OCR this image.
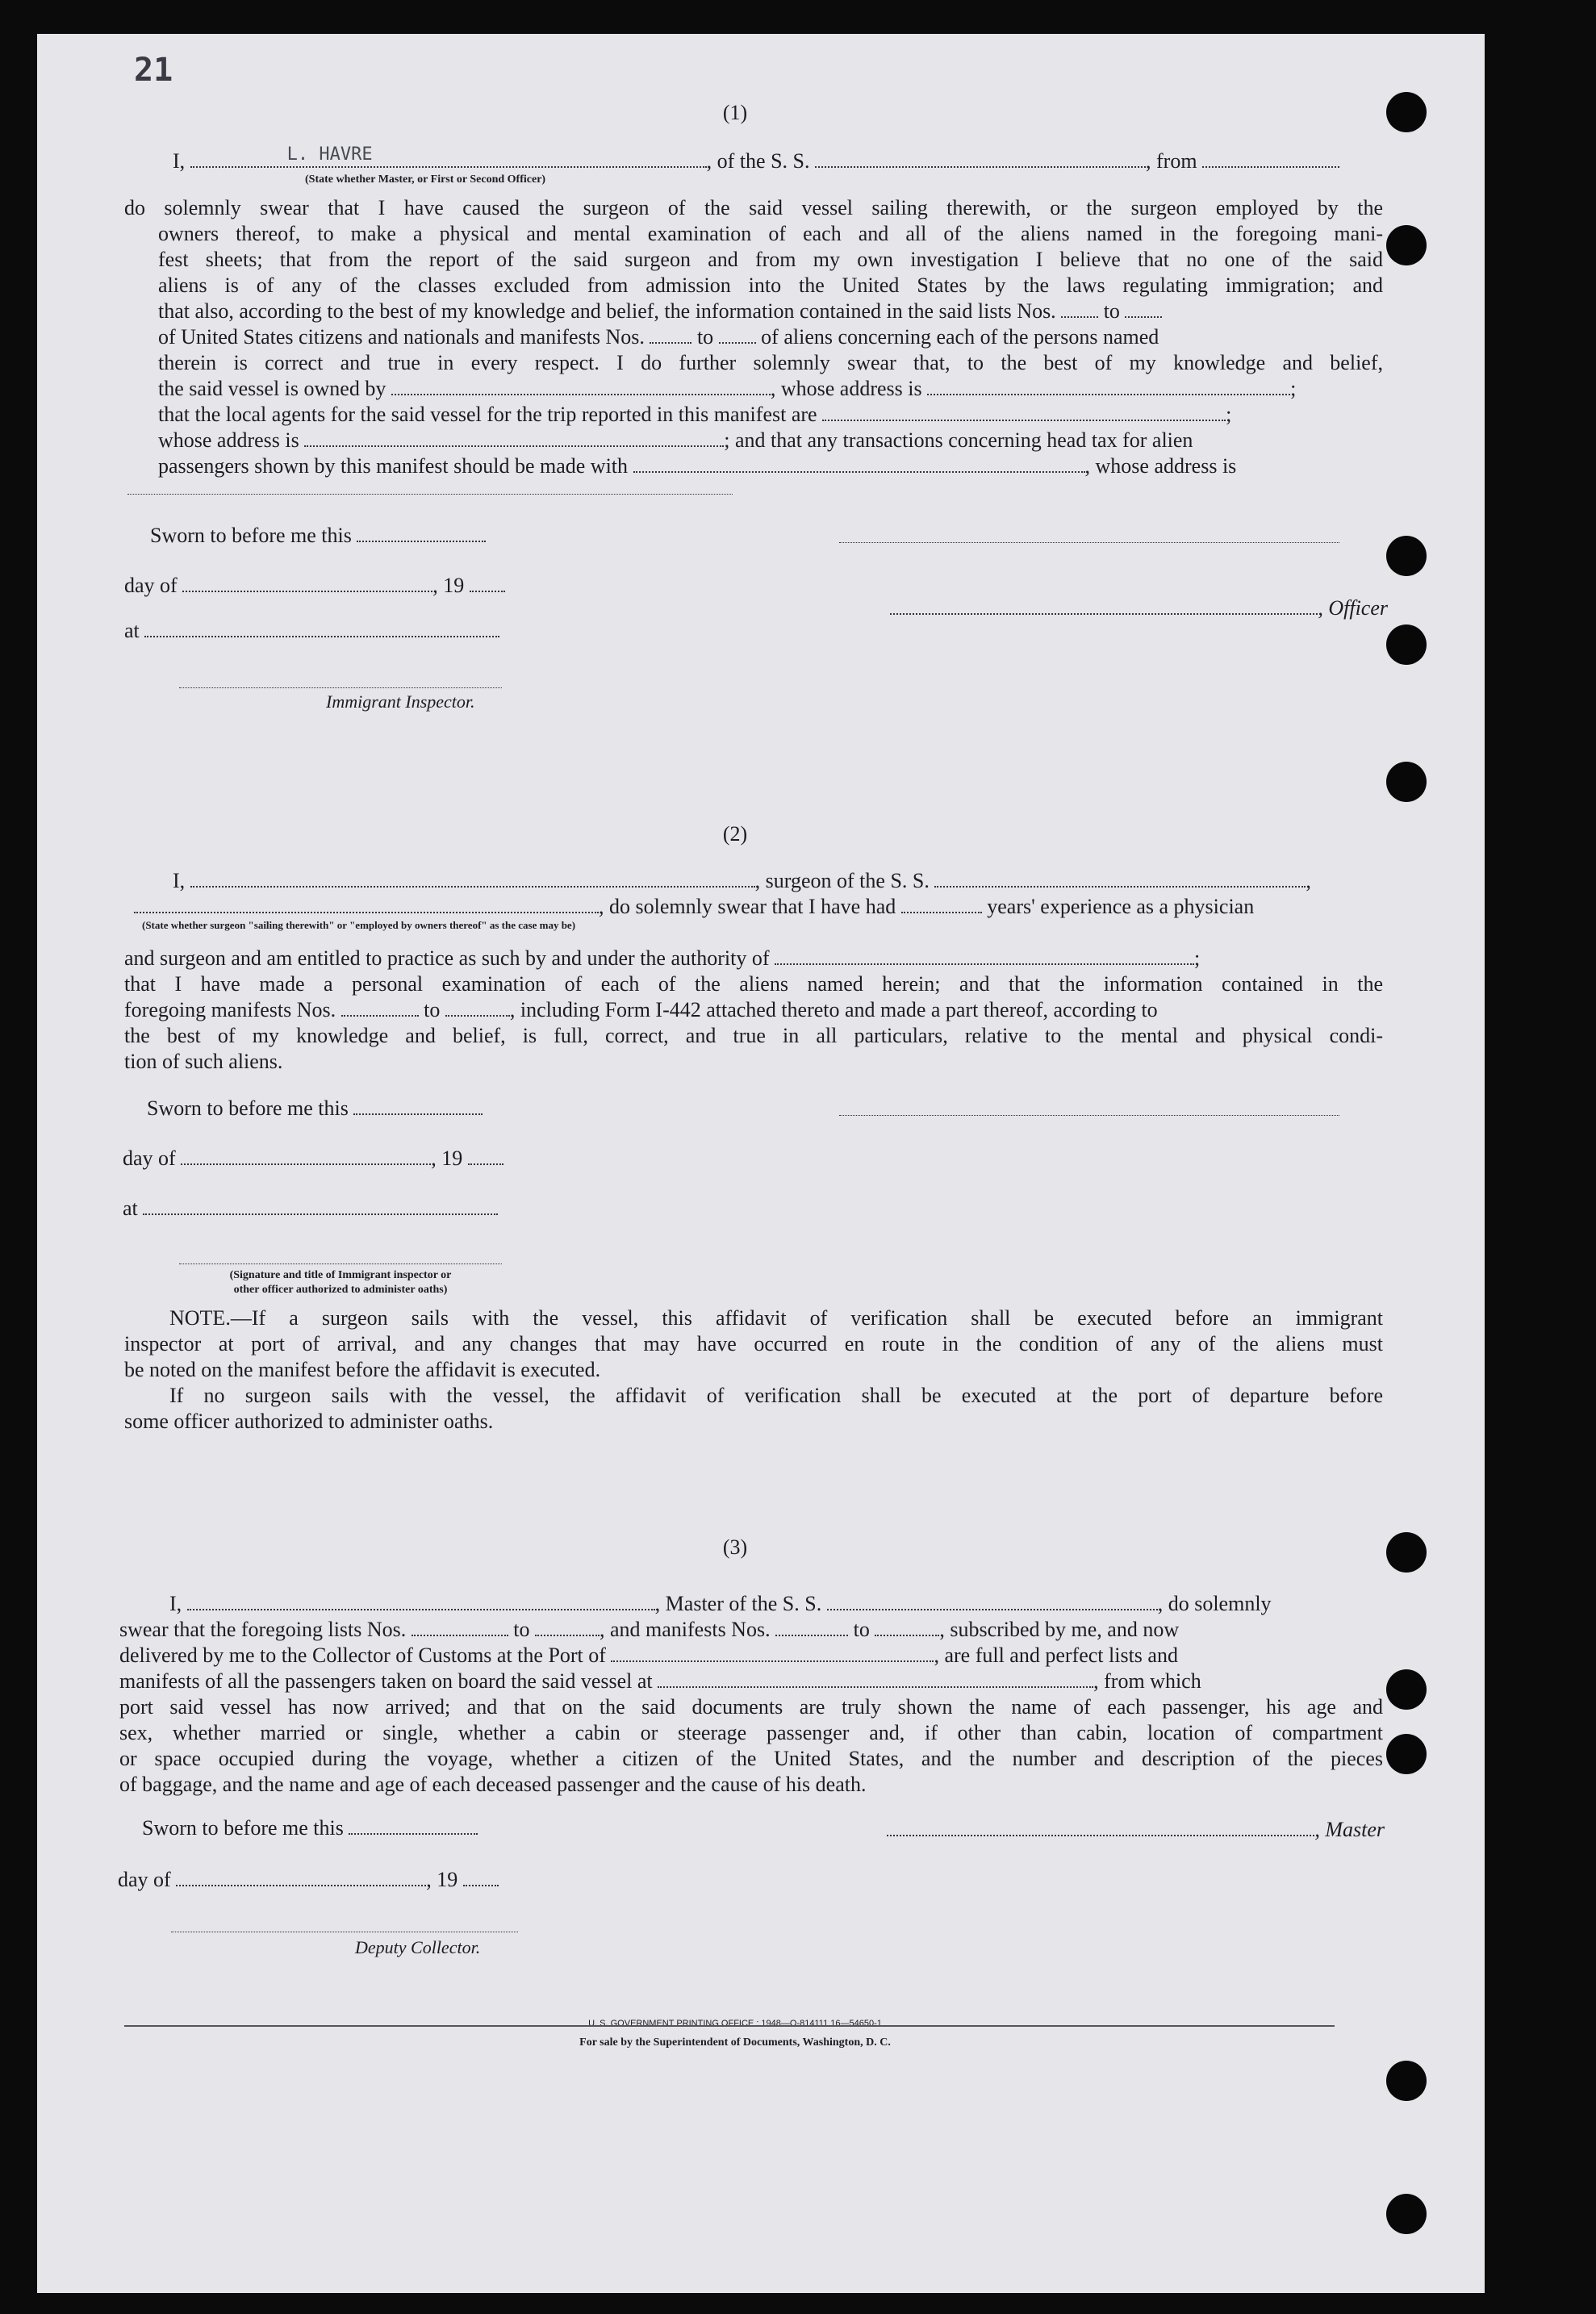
21
(1)
I,	L. HAVRE	, of the S. S.	, from
(State whether Master, or First or Second Officer)
do solemnly swear that I have caused the surgeon of the said vessel sailing therewith, or the surgeon employed by the
owners thereof, to make a physical and mental examination of each and all of the aliens named in the foregoing mani-
fest sheets; that from the report of the said surgeon and from my own investigation I believe that no one of the said
aliens is of any of the classes excluded from admission into the United States by the laws regulating immigration; and
that also, according to the best of my knowledge and belief, the information contained in the said lists Nos. to
of United States citizens and nationals and manifests Nos.	to of aliens concerning each of the persons named
therein is correct and true in every respect. I do further solemnly swear that, to the best of my knowledge and belief,
the said vessel is owned by	, whose address is	;
that the local agents for the said vessel for the trip reported in this manifest are	;
whose address is	; and that any transactions concerning head tax for alien
passengers shown by this manifest should be made with	, whose address is
Sworn to before me this
day of	, 19
, Officer
at
Immigrant Inspector.
(2)
I,	, surgeon of the S. S.	,
, do solemnly swear that I have had	years' experience as a physician
(State whether surgeon "sailing therewith" or "employed by owners thereof" as the case may be)
and surgeon and am entitled to practice as such by and under the authority of	;
that I have made a personal examination of each of the aliens named herein; and that the information contained in the
foregoing manifests Nos.	to	, including Form I-442 attached thereto and made a part thereof, according to
the best of my knowledge and belief, is full, correct, and true in all particulars, relative to the mental and physical condi-
tion of such aliens.
Sworn to before me this
day of	, 19
at
(Signature and title of Immigrant inspector or
other officer authorized to administer oaths)
NOTE.—If a surgeon sails with the vessel, this affidavit of verification shall be executed before an immigrant
inspector at port of arrival, and any changes that may have occurred en route in the condition of any of the aliens must
be noted on the manifest before the affidavit is executed.
If no surgeon sails with the vessel, the affidavit of verification shall be executed at the port of departure before
some officer authorized to administer oaths.
(3)
I,	, Master of the S. S.	, do solemnly
swear that the foregoing lists Nos.	to	, and manifests Nos.	to	, subscribed by me, and now
delivered by me to the Collector of Customs at the Port of	, are full and perfect lists and
manifests of all the passengers taken on board the said vessel at	, from which
port said vessel has now arrived; and that on the said documents are truly shown the name of each passenger, his age and
sex, whether married or single, whether a cabin or steerage passenger and, if other than cabin, location of compartment
or space occupied during the voyage, whether a citizen of the United States, and the number and description of the pieces
of baggage, and the name and age of each deceased passenger and the cause of his death.
Sworn to before me this	, Master
day of	, 19
Deputy Collector.
U. S. GOVERNMENT PRINTING OFFICE : 1948—O-814111 16—54650-1
For sale by the Superintendent of Documents, Washington, D. C.
